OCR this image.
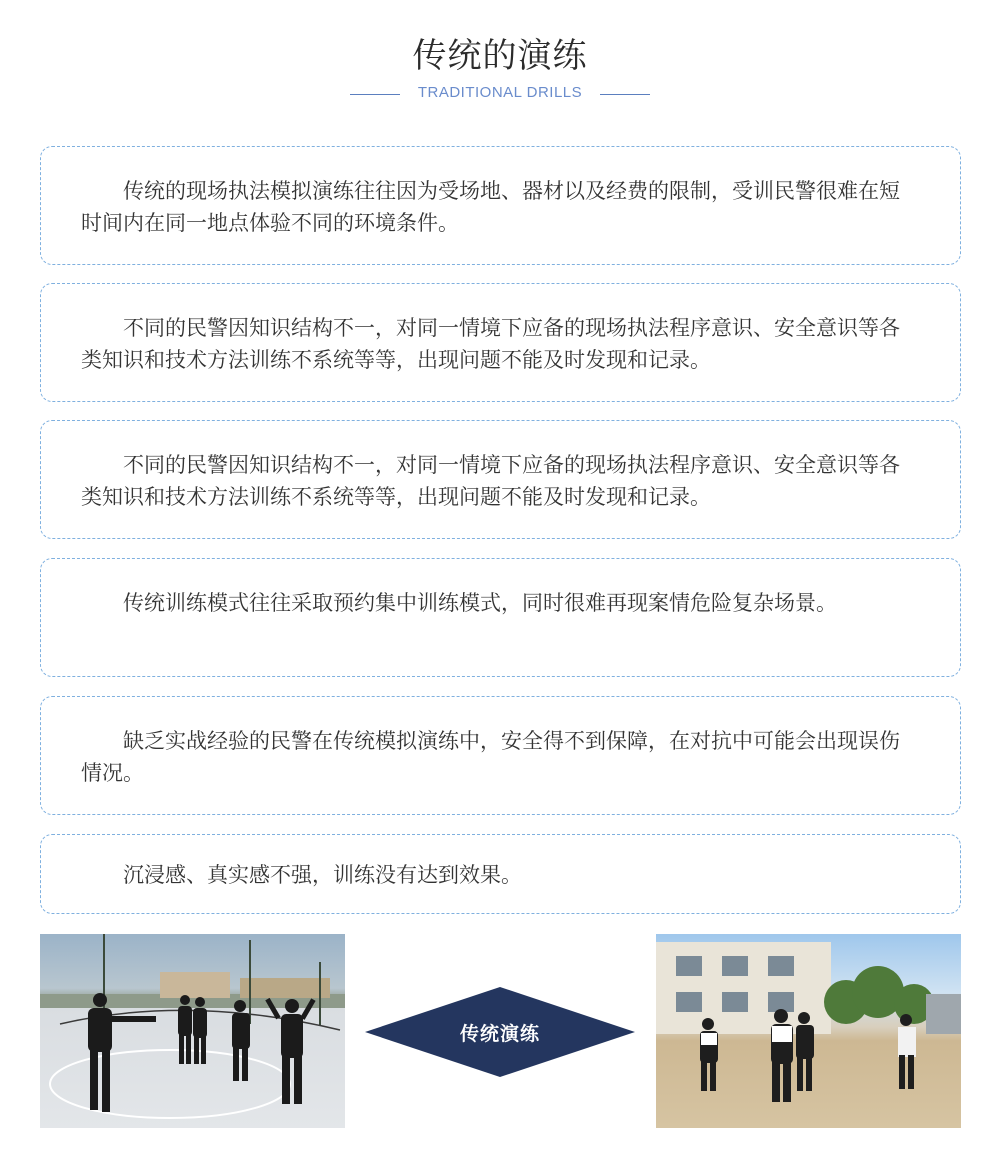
传统的演练
TRADITIONAL DRILLS
传统的现场执法模拟演练往往因为受场地、器材以及经费的限制，受训民警很难在短时间内在同一地点体验不同的环境条件。
不同的民警因知识结构不一，对同一情境下应备的现场执法程序意识、安全意识等各类知识和技术方法训练不系统等等，出现问题不能及时发现和记录。
不同的民警因知识结构不一，对同一情境下应备的现场执法程序意识、安全意识等各类知识和技术方法训练不系统等等，出现问题不能及时发现和记录。
传统训练模式往往采取预约集中训练模式，同时很难再现案情危险复杂场景。
缺乏实战经验的民警在传统模拟演练中，安全得不到保障，在对抗中可能会出现误伤情况。
沉浸感、真实感不强，训练没有达到效果。
传统演练
